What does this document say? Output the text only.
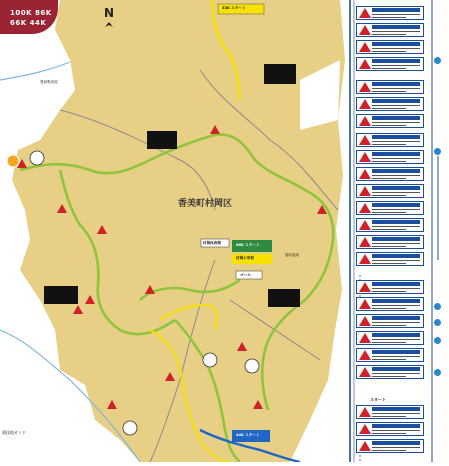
N
香美町村岡区
33K スタート
66K スタート
44K スタート
村岡体育館
村岡小学校
ゴール
湯村温泉
兎和野高原
スタート
100K 86K
66K 44K
競技地ガイド
